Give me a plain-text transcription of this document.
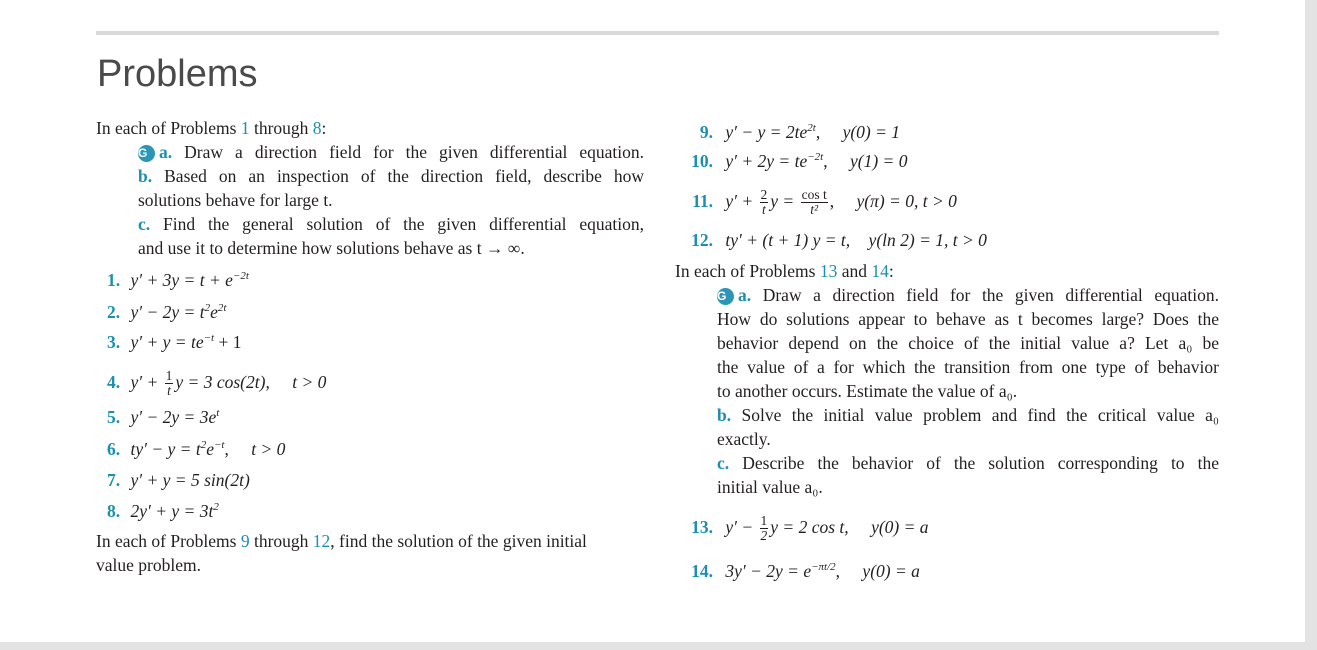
Problems
In each of Problems 1 through 8:
G a. Draw a direction field for the given differential equation.
b. Based on an inspection of the direction field, describe how
solutions behave for large t.
c. Find the general solution of the given differential equation,
and use it to determine how solutions behave as t → ∞.
1. $y' + 3y = t + e^{-2t}$
2. $y' - 2y = t^2e^{2t}$
3. $y' + y = te^{-t} + 1$
4. $y' + \frac{1}{t}$ y = 3 cos(2t), t > 0
5. $y' - 2y = 3e^t$
6. $ty' - y = t^2e^{-t}$, t > 0
7. y′ + y = 5 sin(2t)
8. $2y' + y = 3t^2$
In each of Problems 9 through 12, find the solution of the given initial
value problem.
9. $y' - y = 2te^{2t}$, y(0) = 1
10. $y' + 2y = te^{-2t}$, y(1) = 0
11. $y' + \frac{2}{t}$ $y = \frac{\text{cos t}}{\text{t²}}$ , y(π) = 0, t > 0
12. ty′ + (t + 1) y = t, y(ln 2) = 1, t > 0
In each of Problems 13 and 14:
G a. Draw a direction field for the given differential equation.
How do solutions appear to behave as t becomes large? Does the
behavior depend on the choice of the initial value a? Let a₀ be
the value of a for which the transition from one type of behavior
to another occurs. Estimate the value of a₀.
b. Solve the initial value problem and find the critical value a₀
exactly.
c. Describe the behavior of the solution corresponding to the
initial value a₀.
13. $y' - \frac{1}{2}$ y = 2 cos t, y(0) = a
14. $3y' - 2y = e^{-\pi t/2}$, y(0) = a
